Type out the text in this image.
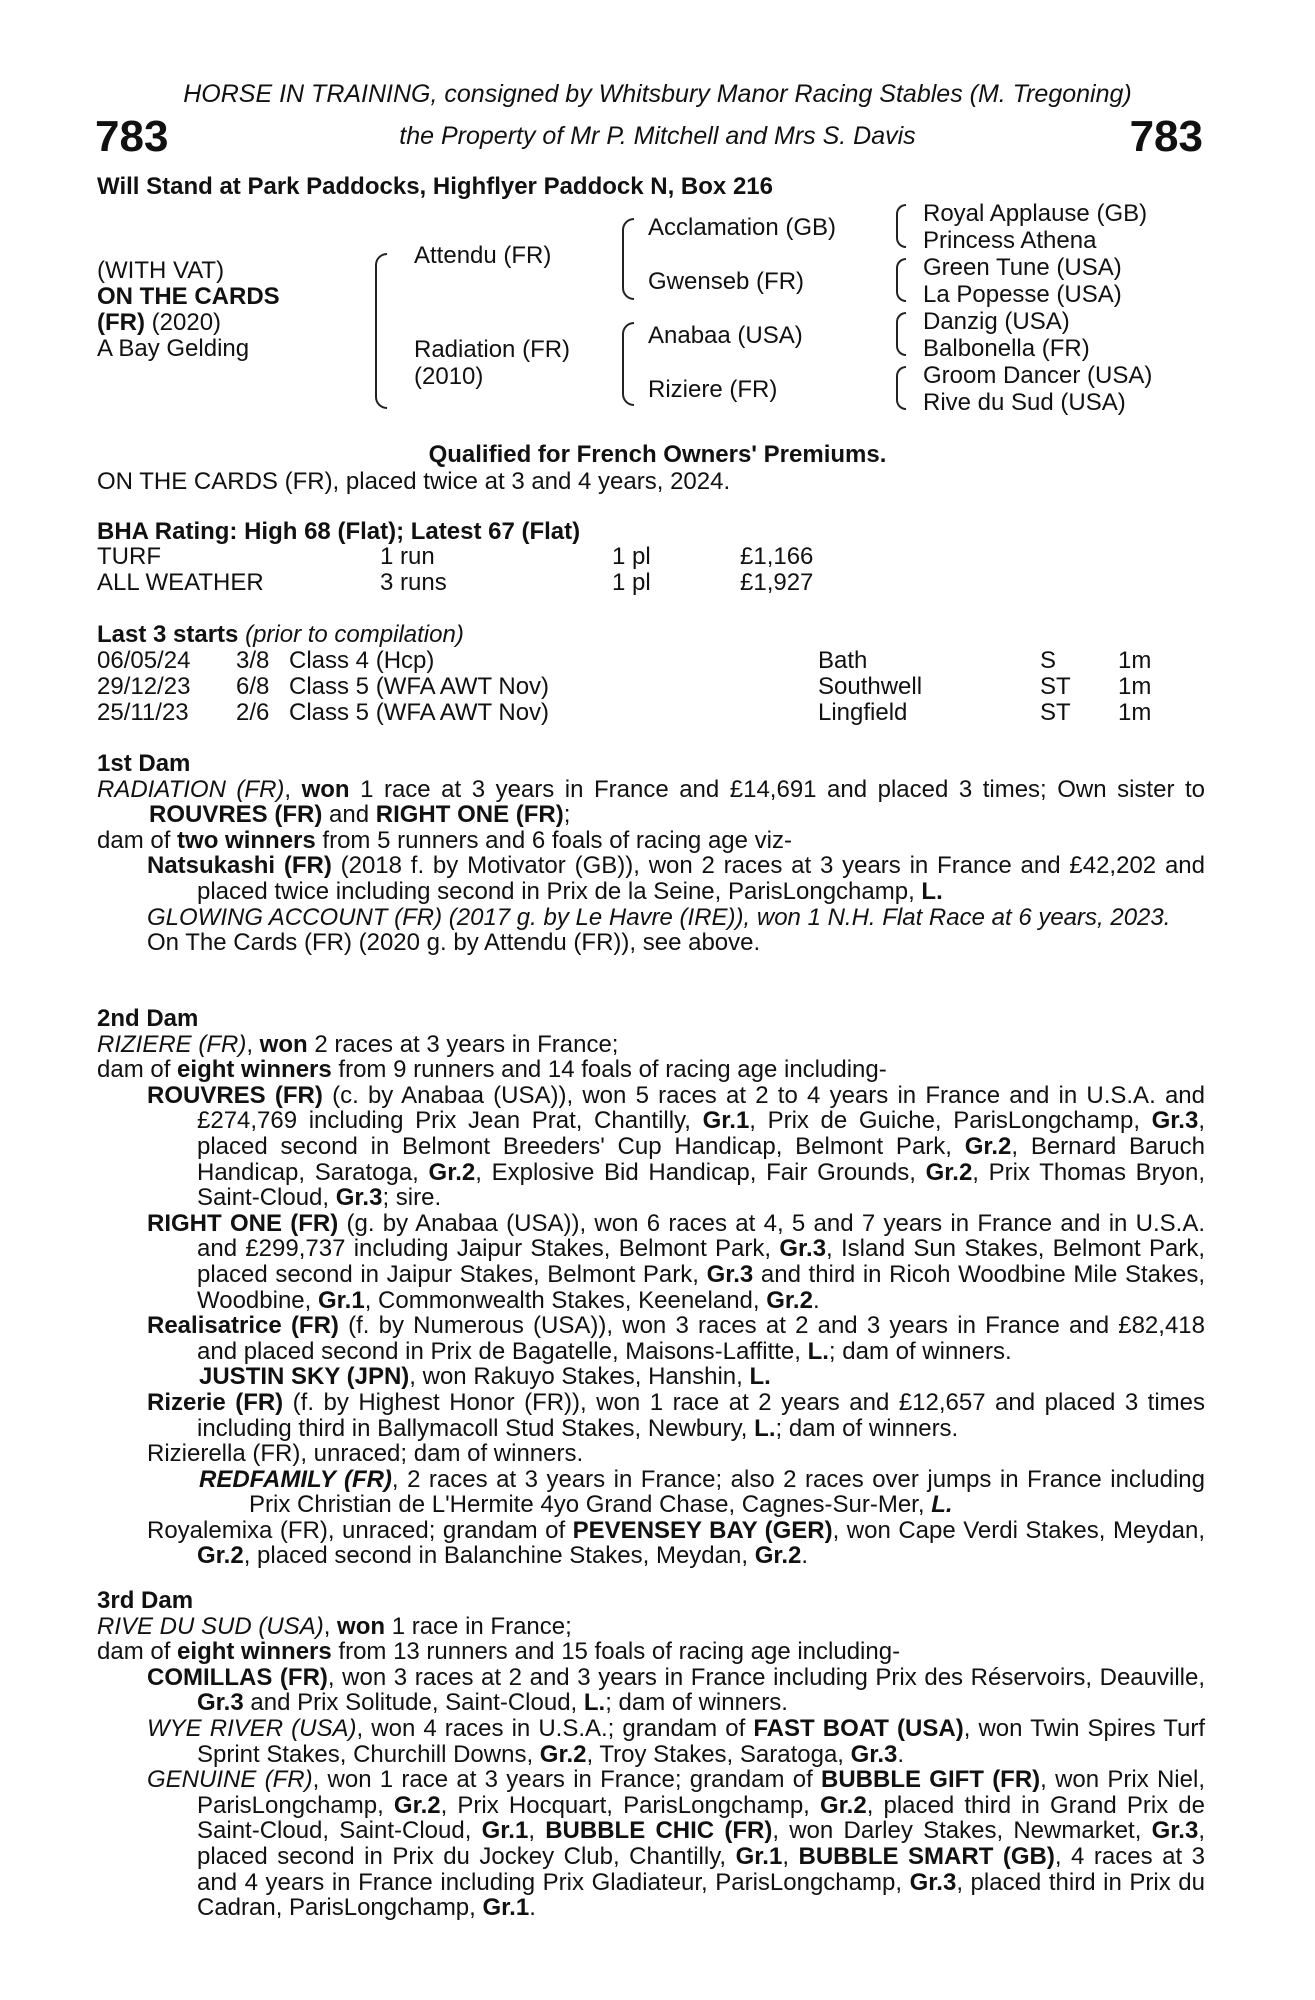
HORSE IN TRAINING, consigned by Whitsbury Manor Racing Stables (M. Tregoning)
783	the Property of Mr P. Mitchell and Mrs S. Davis	783
Will Stand at Park Paddocks, Highflyer Paddock N, Box 216
(WITH VAT)
ON THE CARDS
(FR) (2020)
A Bay Gelding
Attendu (FR)
Radiation (FR)
(2010)
Acclamation (GB)
Gwenseb (FR)
Anabaa (USA)
Riziere (FR)
Royal Applause (GB)
Princess Athena
Green Tune (USA)
La Popesse (USA)
Danzig (USA)
Balbonella (FR)
Groom Dancer (USA)
Rive du Sud (USA)
Qualified for French Owners' Premiums.
ON THE CARDS (FR), placed twice at 3 and 4 years, 2024.
BHA Rating: High 68 (Flat); Latest 67 (Flat)
TURF	1 run	1 pl	£1,166
ALL WEATHER	3 runs	1 pl	£1,927
Last 3 starts (prior to compilation)
06/05/24 3/8 Class 4 (Hcp)	Bath	S	1m
29/12/23 6/8 Class 5 (WFA AWT Nov)	Southwell	ST 1m
25/11/23 2/6 Class 5 (WFA AWT Nov)	Lingfield	ST 1m
1st Dam
RADIATION (FR), won 1 race at 3 years in France and £14,691 and placed 3 times; Own sister to ROUVRES (FR) and RIGHT ONE (FR);
dam of two winners from 5 runners and 6 foals of racing age viz-
Natsukashi (FR) (2018 f. by Motivator (GB)), won 2 races at 3 years in France and £42,202 and placed twice including second in Prix de la Seine, ParisLongchamp, L.
GLOWING ACCOUNT (FR) (2017 g. by Le Havre (IRE)), won 1 N.H. Flat Race at 6 years, 2023.
On The Cards (FR) (2020 g. by Attendu (FR)), see above.
2nd Dam
RIZIERE (FR), won 2 races at 3 years in France;
dam of eight winners from 9 runners and 14 foals of racing age including-
ROUVRES (FR) (c. by Anabaa (USA)), won 5 races at 2 to 4 years in France and in U.S.A. and £274,769 including Prix Jean Prat, Chantilly, Gr.1, Prix de Guiche, ParisLongchamp, Gr.3, placed second in Belmont Breeders' Cup Handicap, Belmont Park, Gr.2, Bernard Baruch Handicap, Saratoga, Gr.2, Explosive Bid Handicap, Fair Grounds, Gr.2, Prix Thomas Bryon, Saint-Cloud, Gr.3; sire.
RIGHT ONE (FR) (g. by Anabaa (USA)), won 6 races at 4, 5 and 7 years in France and in U.S.A. and £299,737 including Jaipur Stakes, Belmont Park, Gr.3, Island Sun Stakes, Belmont Park, placed second in Jaipur Stakes, Belmont Park, Gr.3 and third in Ricoh Woodbine Mile Stakes, Woodbine, Gr.1, Commonwealth Stakes, Keeneland, Gr.2.
Realisatrice (FR) (f. by Numerous (USA)), won 3 races at 2 and 3 years in France and £82,418 and placed second in Prix de Bagatelle, Maisons-Laffitte, L.; dam of winners.
JUSTIN SKY (JPN), won Rakuyo Stakes, Hanshin, L.
Rizerie (FR) (f. by Highest Honor (FR)), won 1 race at 2 years and £12,657 and placed 3 times including third in Ballymacoll Stud Stakes, Newbury, L.; dam of winners.
Rizierella (FR), unraced; dam of winners.
REDFAMILY (FR), 2 races at 3 years in France; also 2 races over jumps in France including Prix Christian de L'Hermite 4yo Grand Chase, Cagnes-Sur-Mer, L.
Royalemixa (FR), unraced; grandam of PEVENSEY BAY (GER), won Cape Verdi Stakes, Meydan, Gr.2, placed second in Balanchine Stakes, Meydan, Gr.2.
3rd Dam
RIVE DU SUD (USA), won 1 race in France;
dam of eight winners from 13 runners and 15 foals of racing age including-
COMILLAS (FR), won 3 races at 2 and 3 years in France including Prix des Réservoirs, Deauville, Gr.3 and Prix Solitude, Saint-Cloud, L.; dam of winners.
WYE RIVER (USA), won 4 races in U.S.A.; grandam of FAST BOAT (USA), won Twin Spires Turf Sprint Stakes, Churchill Downs, Gr.2, Troy Stakes, Saratoga, Gr.3.
GENUINE (FR), won 1 race at 3 years in France; grandam of BUBBLE GIFT (FR), won Prix Niel, ParisLongchamp, Gr.2, Prix Hocquart, ParisLongchamp, Gr.2, placed third in Grand Prix de Saint-Cloud, Saint-Cloud, Gr.1, BUBBLE CHIC (FR), won Darley Stakes, Newmarket, Gr.3, placed second in Prix du Jockey Club, Chantilly, Gr.1, BUBBLE SMART (GB), 4 races at 3 and 4 years in France including Prix Gladiateur, ParisLongchamp, Gr.3, placed third in Prix du Cadran, ParisLongchamp, Gr.1.
